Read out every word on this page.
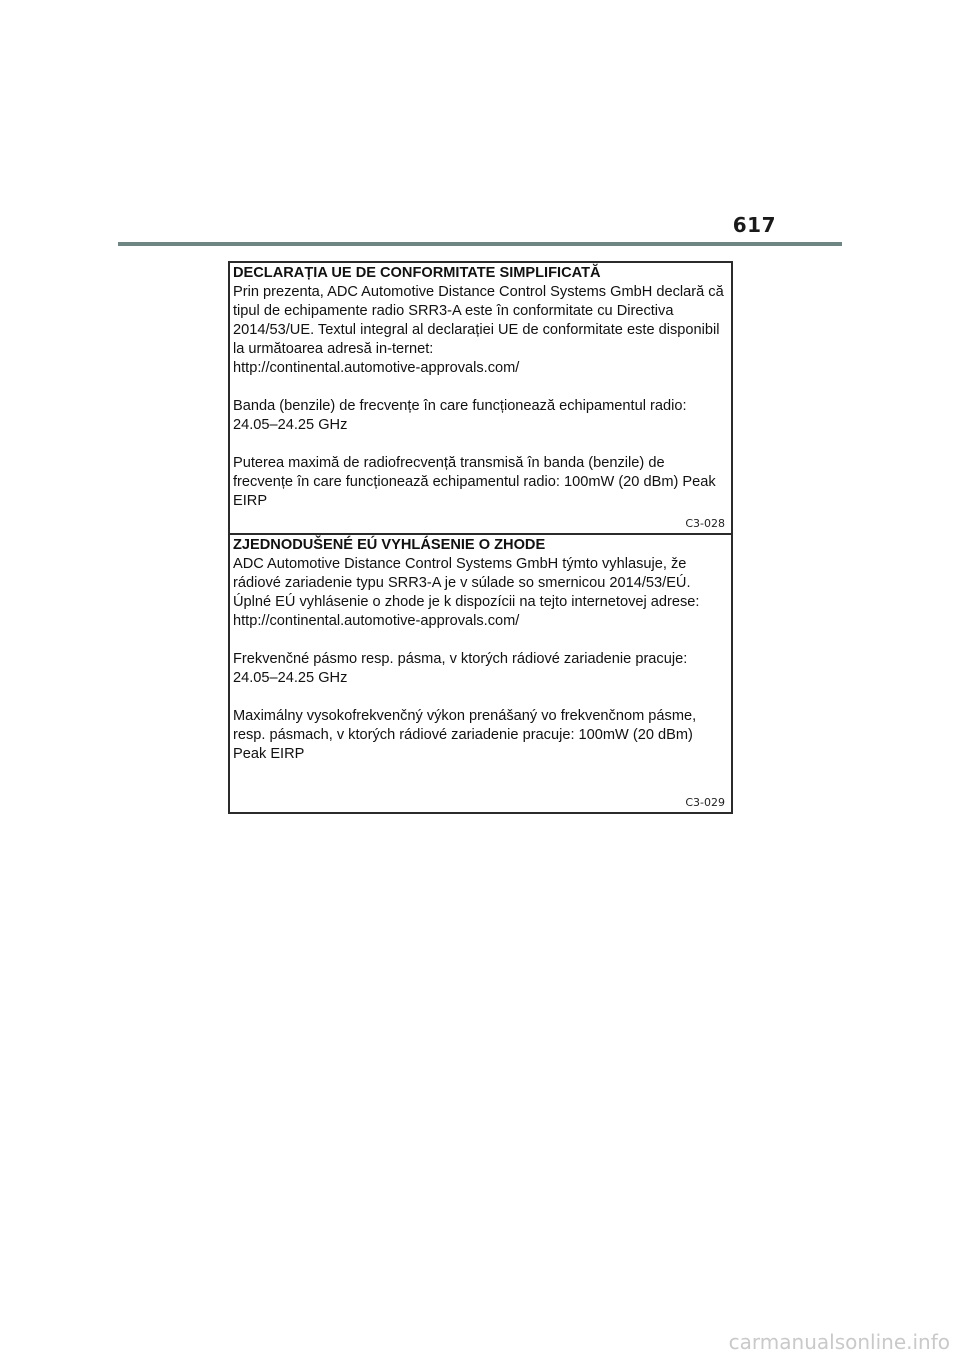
617

DECLARAȚIA UE DE CONFORMITATE SIMPLIFICATĂ

Prin prezenta, ADC Automotive Distance Control Systems GmbH declară că tipul de echipamente radio SRR3-A este în conformitate cu Directiva 2014/53/UE. Textul integral al declarației UE de conformitate este disponibil la următoarea adresă in-ternet:

http://continental.automotive-approvals.com/

Banda (benzile) de frecvențe în care funcționează echipamentul radio: 24.05–24.25 GHz

Puterea maximă de radiofrecvență transmisă în banda (benzile) de frecvențe în care funcționează echipamentul radio: 100mW (20 dBm) Peak EIRP

C3-028

ZJEDNODUŠENÉ EÚ VYHLÁSENIE O ZHODE

ADC Automotive Distance Control Systems GmbH týmto vyhlasuje, že rádiové zariadenie typu SRR3-A je v súlade so smernicou 2014/53/EÚ. Úplné EÚ vyhlásenie o zhode je k dispozícii na tejto internetovej adrese:

http://continental.automotive-approvals.com/

Frekvenčné pásmo resp. pásma, v ktorých rádiové zariadenie pracuje: 24.05–24.25 GHz

Maximálny vysokofrekvenčný výkon prenášaný vo frekvenčnom pásme, resp. pásmach, v ktorých rádiové zariadenie pracuje: 100mW (20 dBm) Peak EIRP

C3-029
carmanualsonline.info
